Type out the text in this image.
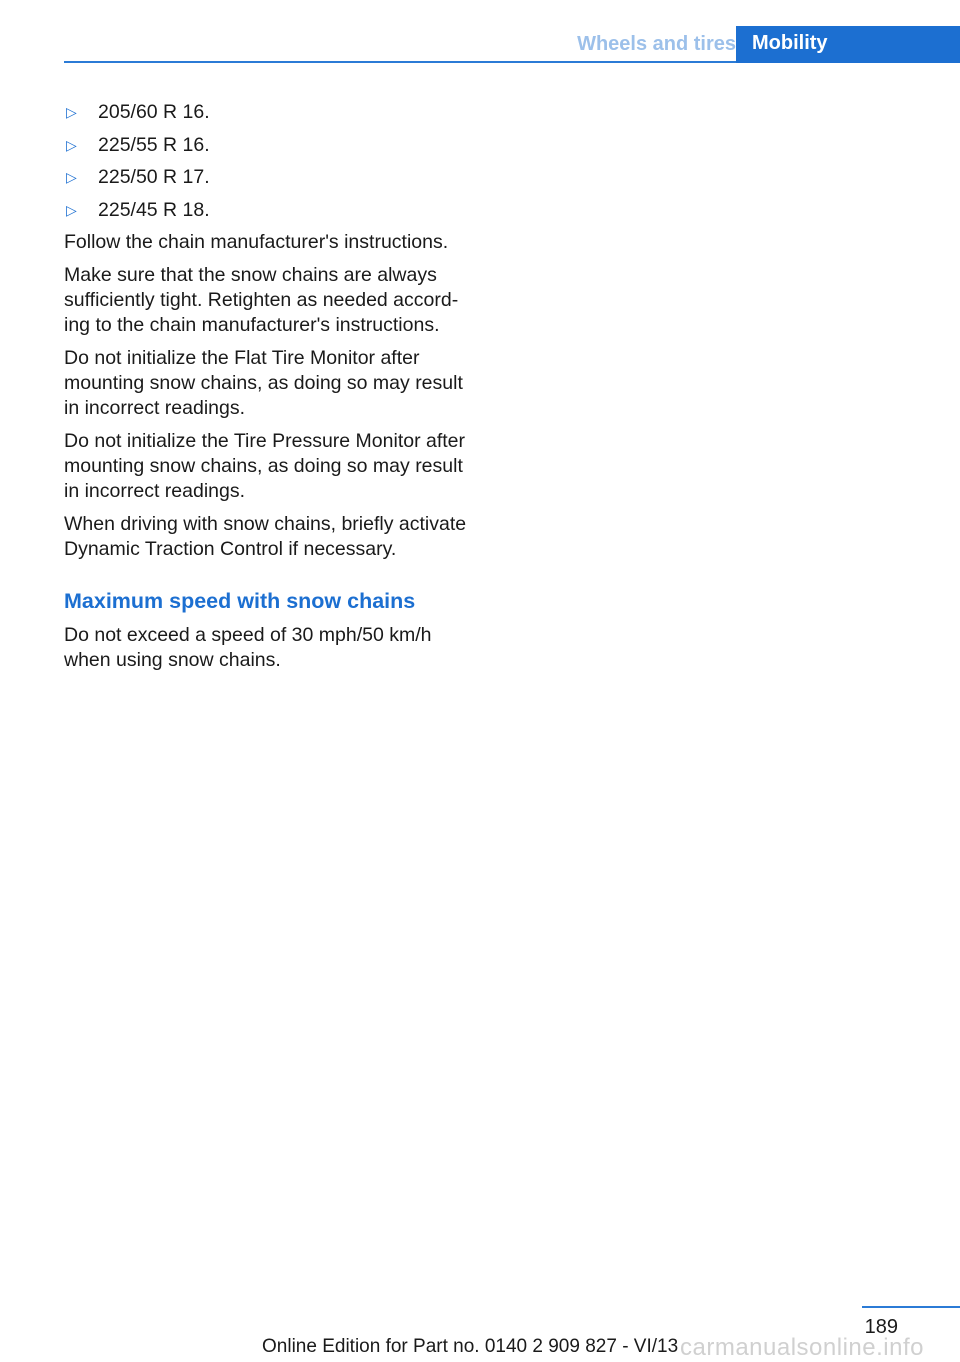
Wheels and tires Mobility
▷	205/60 R 16.
▷	225/55 R 16.
▷	225/50 R 17.
▷	225/45 R 18.

Follow the chain manufacturer's instructions.

Make sure that the snow chains are always sufficiently tight. Retighten as needed accord‐ ing to the chain manufacturer's instructions.

Do not initialize the Flat Tire Monitor after mounting snow chains, as doing so may result in incorrect readings.

Do not initialize the Tire Pressure Monitor after mounting snow chains, as doing so may result in incorrect readings.

When driving with snow chains, briefly activate Dynamic Traction Control if necessary.

Maximum speed with snow chains

Do not exceed a speed of 30 mph/50 km/h when using snow chains.

189
Online Edition for Part no. 0140 2 909 827 - VI/13 carmanualsonline.info
